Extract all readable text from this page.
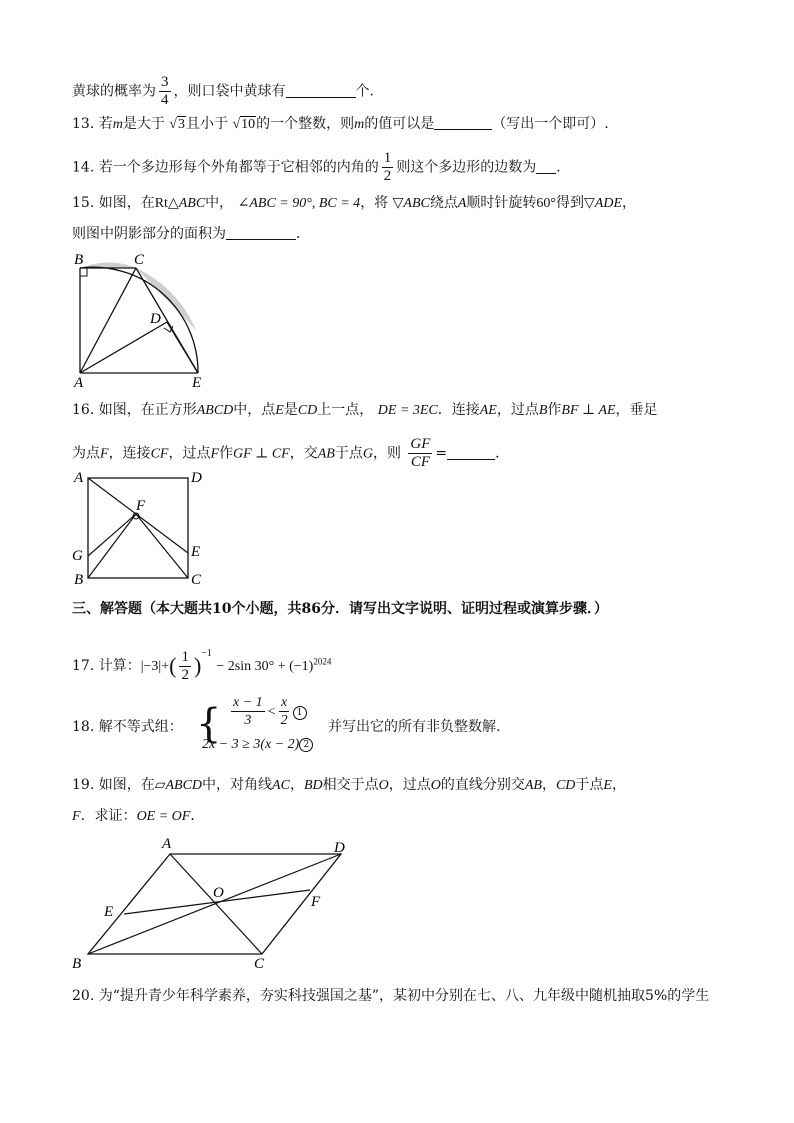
黄球的概率为 $\frac{3}{4}$ ，则口袋中黄球有	个．
13. 若m是大于 √3且小于 √10的一个整数，则m的值可以是	（写出一个即可）.
14. 若一个多边形每个外角都等于它相邻的内角的 $\frac{1}{2}$ 则这个多边形的边数为 .
15. 如图，在Rt△ABC中， ∠ABC = 90°, BC = 4，将 ▽ABC绕点A顺时针旋转60°得到▽ADE，
则图中阴影部分的面积为	．
B	C
D
A	E
16. 如图，在正方形ABCD中，点E是CD上一点， DE = 3EC．连接AE，过点B作BF ⊥ AE，垂足
为点F，连接CF，过点F作GF ⊥ CF，交AB于点G，则 $\frac{GF}{CF}$ =	．
A	D
F
G	E
B	C
三、解答题（本大题共10个小题，共86分．请写出文字说明、证明过程或演算步骤．）
17. 计算：$|-3|+( \frac{1}{2} )^{-1} - 2\sin$ $30^\circ + (-1)^{2024}$
18. 解不等式组： { $\frac{x - 1}{3} < \frac{x}{2} 1$
2x − 3 ≥ 3(x − 2) 2
并写出它的所有非负整数解.
19. 如图，在▱ABCD中，对角线AC，BD相交于点O，过点O的直线分别交AB，CD于点E，
F．求证：OE = OF．
A	D
O
E
F
B	C
20. 为“提升青少年科学素养，夯实科技强国之基”，某初中分别在七、八、九年级中随机抽取5%的学生
